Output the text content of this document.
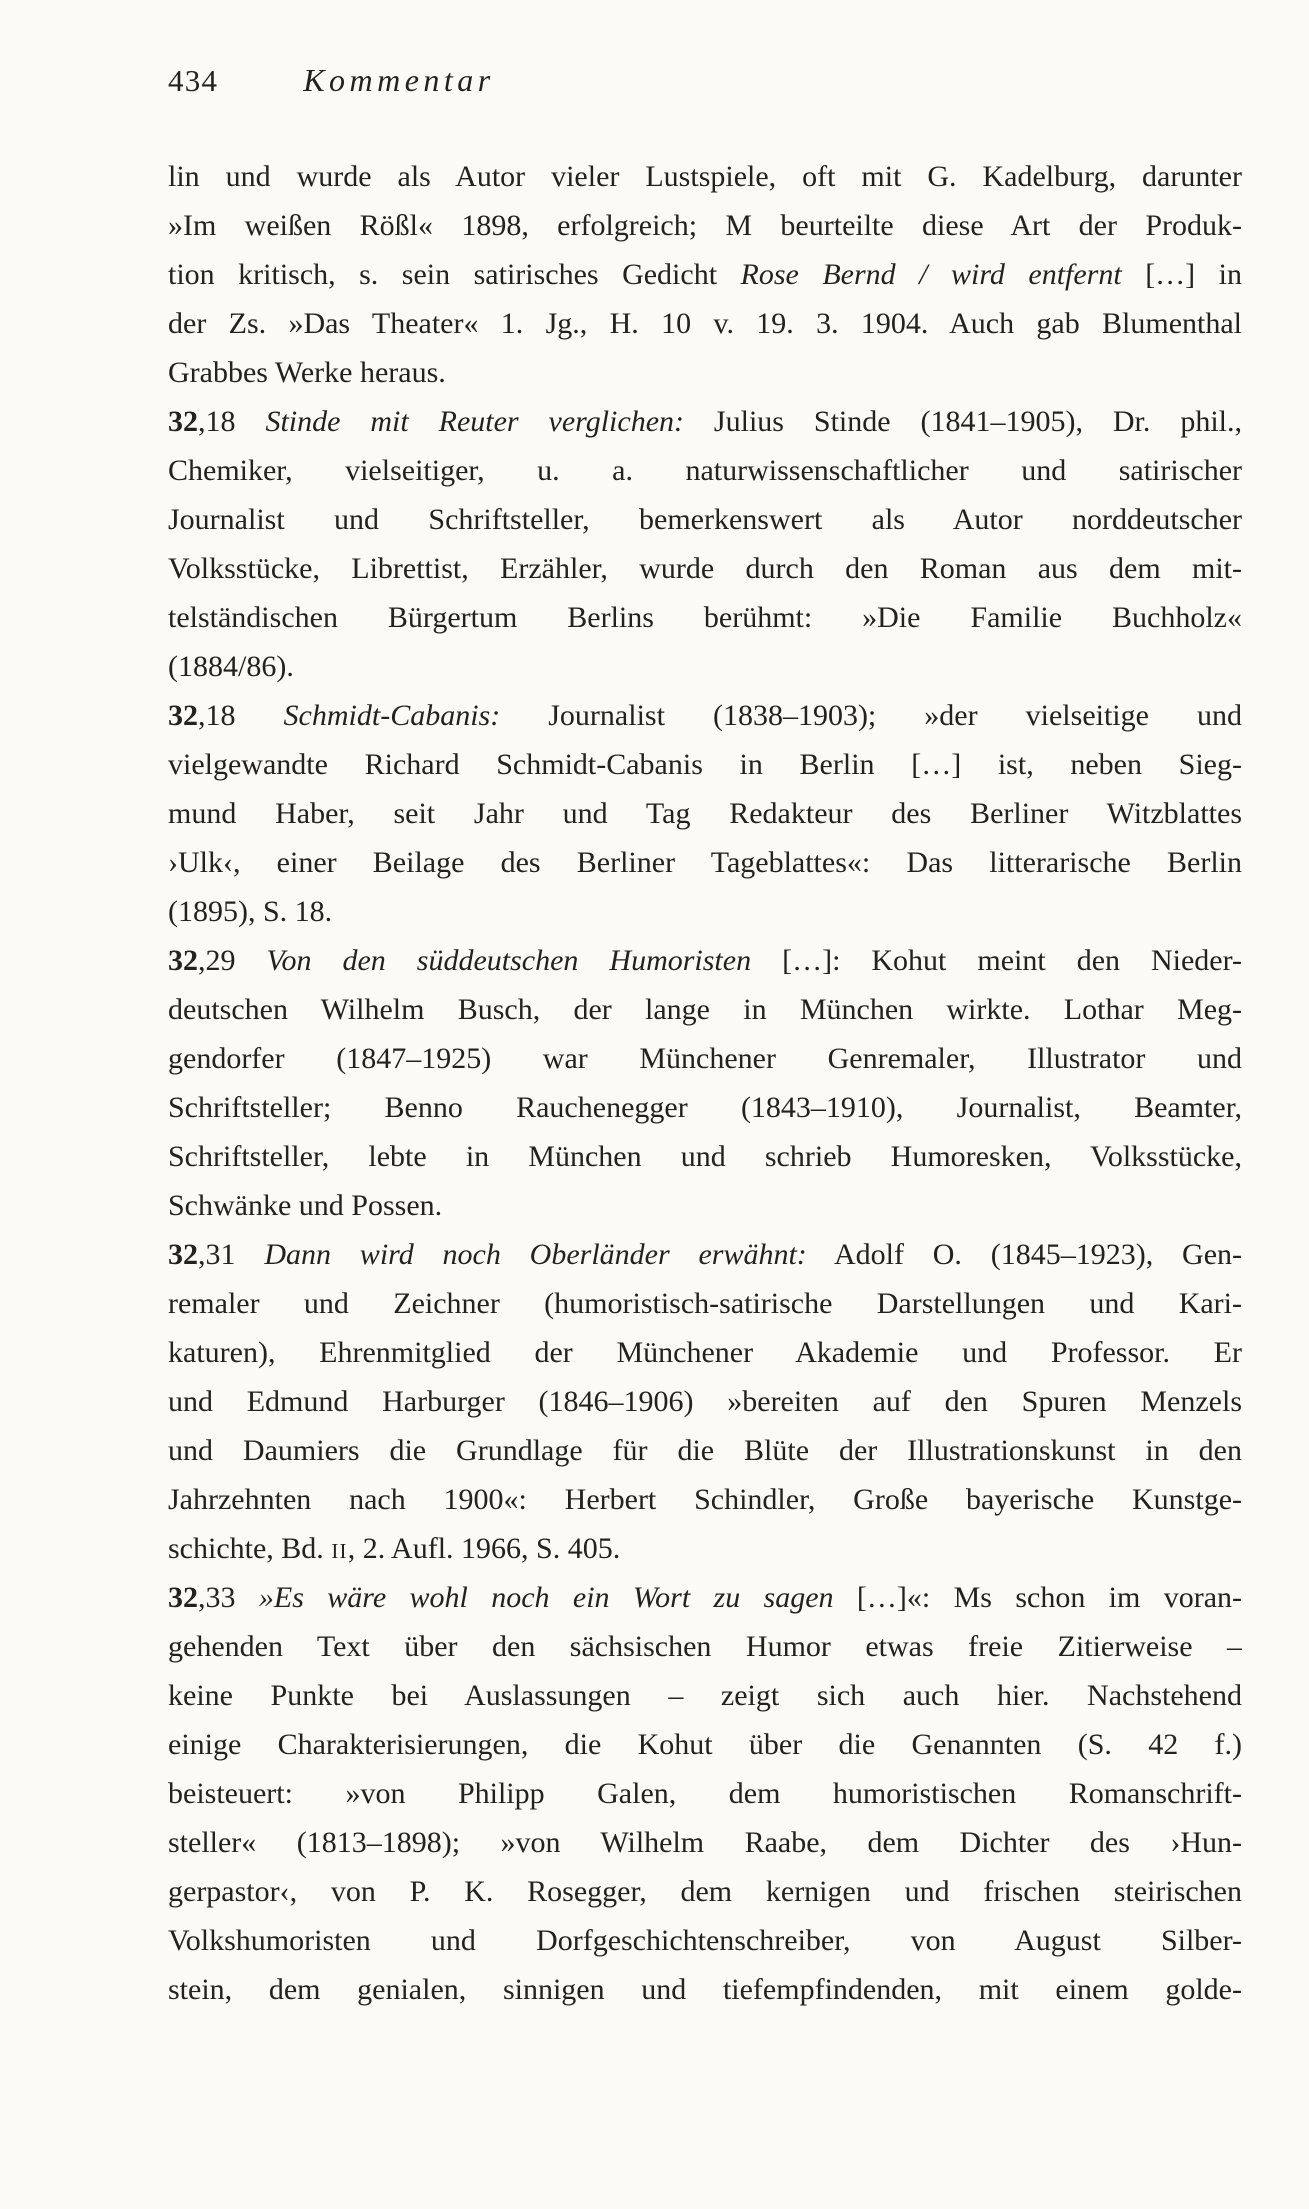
434	Kommentar
lin und wurde als Autor vieler Lustspiele, oft mit G. Kadelburg, darunter
»Im weißen Rößl« 1898, erfolgreich; M beurteilte diese Art der Produk-
tion kritisch, s. sein satirisches Gedicht Rose Bernd / wird entfernt […] in
der Zs. »Das Theater« 1. Jg., H. 10 v. 19. 3. 1904. Auch gab Blumenthal
Grabbes Werke heraus.
32,18 Stinde mit Reuter verglichen: Julius Stinde (1841–1905), Dr. phil.,
Chemiker, vielseitiger, u. a. naturwissenschaftlicher und satirischer
Journalist und Schriftsteller, bemerkenswert als Autor norddeutscher
Volksstücke, Librettist, Erzähler, wurde durch den Roman aus dem mit-
telständischen Bürgertum Berlins berühmt: »Die Familie Buchholz«
(1884/86).
32,18 Schmidt-Cabanis: Journalist (1838–1903); »der vielseitige und
vielgewandte Richard Schmidt-Cabanis in Berlin […] ist, neben Sieg-
mund Haber, seit Jahr und Tag Redakteur des Berliner Witzblattes
›Ulk‹, einer Beilage des Berliner Tageblattes«: Das litterarische Berlin
(1895), S. 18.
32,29 Von den süddeutschen Humoristen […]: Kohut meint den Nieder-
deutschen Wilhelm Busch, der lange in München wirkte. Lothar Meg-
gendorfer (1847–1925) war Münchener Genremaler, Illustrator und
Schriftsteller; Benno Rauchenegger (1843–1910), Journalist, Beamter,
Schriftsteller, lebte in München und schrieb Humoresken, Volksstücke,
Schwänke und Possen.
32,31 Dann wird noch Oberländer erwähnt: Adolf O. (1845–1923), Gen-
remaler und Zeichner (humoristisch-satirische Darstellungen und Kari-
katuren), Ehrenmitglied der Münchener Akademie und Professor. Er
und Edmund Harburger (1846–1906) »bereiten auf den Spuren Menzels
und Daumiers die Grundlage für die Blüte der Illustrationskunst in den
Jahrzehnten nach 1900«: Herbert Schindler, Große bayerische Kunstge-
schichte, Bd. ii, 2. Aufl. 1966, S. 405.
32,33 »Es wäre wohl noch ein Wort zu sagen […]«: Ms schon im voran-
gehenden Text über den sächsischen Humor etwas freie Zitierweise –
keine Punkte bei Auslassungen – zeigt sich auch hier. Nachstehend
einige Charakterisierungen, die Kohut über die Genannten (S. 42 f.)
beisteuert: »von Philipp Galen, dem humoristischen Romanschrift-
steller« (1813–1898); »von Wilhelm Raabe, dem Dichter des ›Hun-
gerpastor‹, von P. K. Rosegger, dem kernigen und frischen steirischen
Volkshumoristen und Dorfgeschichtenschreiber, von August Silber-
stein, dem genialen, sinnigen und tiefempfindenden, mit einem golde-
